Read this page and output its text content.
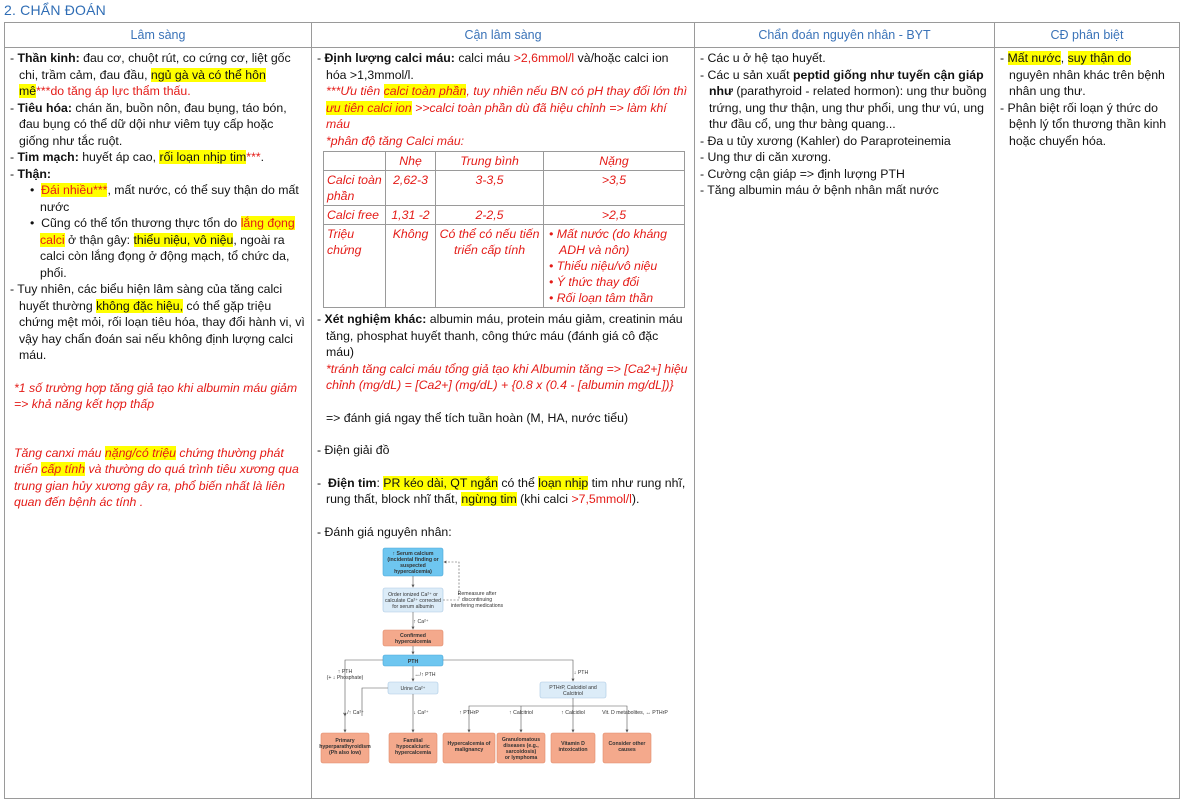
2. CHẨN ĐOÁN
Lâm sàng	Cận lâm sàng	Chẩn đoán nguyên nhân - BYT	CĐ phân biệt

- Thần kinh: đau cơ, chuột rút, co cứng cơ, liệt gốc chi, trầm cảm, đau đầu, ngủ gà và có thể hôn mê***do tăng áp lực thẩm thấu.
- Tiêu hóa: chán ăn, buồn nôn, đau bụng, táo bón, đau bụng có thể dữ dội như viêm tụy cấp hoặc giống như tắc ruột.
- Tim mạch: huyết áp cao, rối loạn nhịp tim***.
- Thận:
•  Đái nhiều***, mất nước, có thể suy thận do mất nước
•  Cũng có thể tổn thương thực tổn do lắng đọng calci ở thận gây: thiểu niệu, vô niệu, ngoài ra calci còn lắng đọng ở động mạch, tổ chức da, phổi.
- Tuy nhiên, các biểu hiện lâm sàng của tăng calci huyết thường không đặc hiệu, có thể gặp triệu chứng mệt mỏi, rối loạn tiêu hóa, thay đổi hành vi, vì vậy hay chẩn đoán sai nếu không định lượng calci máu.
*1 số trường hợp tăng giả tạo khi albumin máu giảm => khả năng kết hợp thấp
Tăng canxi máu nặng/có triệu chứng thường phát triển cấp tính và thường do quá trình tiêu xương qua trung gian hủy xương gây ra, phổ biến nhất là liên quan đến bệnh ác tính .

- Định lượng calci máu: calci máu >2,6mmol/l và/hoặc calci ion hóa >1,3mmol/l.
***Ưu tiên calci toàn phần, tuy nhiên nếu BN có pH thay đổi lớn thì ưu tiên calci ion >>calci toàn phần dù đã hiệu chỉnh => làm khí máu
*phân độ tăng Calci máu:
	Nhẹ	Trung bình	Nặng
Calci toàn phần	2,62-3	3-3,5	>3,5
Calci free	1,31 -2	2-2,5	>2,5
Triệu chứng	Không	Có thể có nếu tiến triển cấp tính	
• Mất nước (do kháng ADH và nôn)
• Thiểu niệu/vô niệu
• Ý thức thay đổi
• Rối loạn tâm thần
- Xét nghiệm khác: albumin máu, protein máu giảm, creatinin máu tăng, phosphat huyết thanh, công thức máu (đánh giá cô đặc máu)
*tránh tăng calci máu tổng giả tạo khi Albumin tăng => [Ca2+] hiệu chỉnh (mg/dL) = [Ca2+] (mg/dL) + {0.8 x (0.4 - [albumin mg/dL])}
=> đánh giá ngay thể tích tuần hoàn (M, HA, nước tiểu)
- Điện giải đồ
-  Điện tim: PR kéo dài, QT ngắn có thể loạn nhịp tim như rung nhĩ, rung thất, block nhĩ thất, ngừng tim (khi calci >7,5mmol/l).
- Đánh giá nguyên nhân:
↑ Serum calcium
(incidental finding or
suspected
hypercalcemia)
Order ionized Ca²⁺ or
calculate Ca²⁺ corrected
for serum albumin
Remeasure after
discontinuing
interfering medications
↑ Ca²⁺
Confirmed
hypercalcemia
PTH
↑ PTH
(+ ↓ Phosphate)	↔/↑ PTH	↓ PTH
Urine Ca²⁺	PTHrP, Calcidiol and
Calcitriol
↔/↑ Ca²⁺	↓ Ca²⁺	↑ PTHrP	↑ Calcitriol	↑ Calcidiol	Vit. D metabolites, ↔ PTHrP
Primary
hyperparathyroidism
(Ph also low)
Familial
hypocalciuric
hypercalcemia
Hypercalcemia of
malignancy
Granulomatous
diseases (e.g.,
sarcoidosis)
or lymphoma
Vitamin D
intoxication
Consider other
causes

- Các u ở hệ tạo huyết.
- Các u sản xuất peptid giống như tuyến cận giáp như (parathyroid - related hormon): ung thư buồng trứng, ung thư thận, ung thư phổi, ung thư vú, ung thư đầu cổ, ung thư bàng quang...
- Đa u tủy xương (Kahler) do Paraproteinemia
- Ung thư di căn xương.
- Cường cận giáp => định lượng PTH
- Tăng albumin máu ở bệnh nhân mất nước

- Mất nước, suy thận do nguyên nhân khác trên bệnh nhân ung thư.
- Phân biệt rối loạn ý thức do bệnh lý tổn thương thần kinh hoặc chuyển hóa.
